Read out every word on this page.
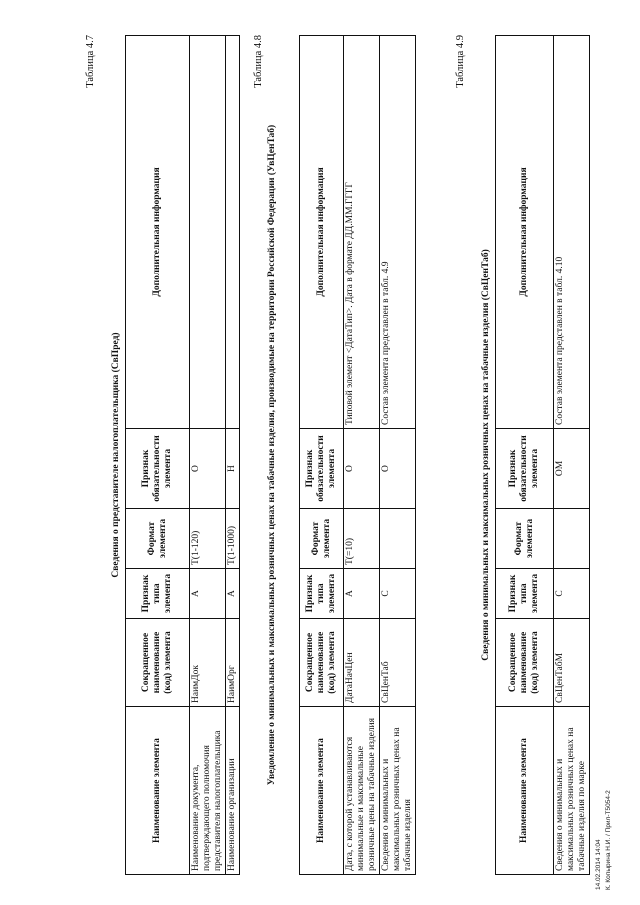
Таблица 4.7
Сведения о представителе налогоплательщика (СвПред)
Наименование элемента	Сокращенное наименование (код) элемента	Признак типа элемента	Формат элемента	Признак обязательности элемента	Дополнительная информация
Наименование документа, подтверждающего полномочия представителя налогоплательщика	НаимДок	А	Т(1-120)	О	
Наименование организации	НаимОрг	А	Т(1-1000)	Н	
Таблица 4.8
Уведомление о минимальных и максимальных розничных ценах на табачные изделия, производимые на территории Российской Федерации (УвЦенТаб)
Наименование элемента	Сокращенное наименование (код) элемента	Признак типа элемента	Формат элемента	Признак обязательности элемента	Дополнительная информация
Дата, с которой устанавливаются минимальные и максимальные розничные цены на табачные изделия	ДатаНачЦен	А	T(=10)	О	Типовой элемент <ДатаТип>. Дата в формате ДД.ММ.ГГГГ
Сведения о минимальных и максимальных розничных ценах на табачные изделия	СвЦенТаб	С		О	Состав элемента представлен в табл. 4.9
Таблица 4.9
Сведения о минимальных и максимальных розничных ценах на табачные изделия (СвЦенТаб)
Наименование элемента	Сокращенное наименование (код) элемента	Признак типа элемента	Формат элемента	Признак обязательности элемента	Дополнительная информация
Сведения о минимальных и максимальных розничных ценах на табачные изделия по марке	СвЦенТабМ	С		ОМ	Состав элемента представлен в табл. 4.10
14.02.2014 14:04 К. Копырина Н.И. / Прил-Т5054-2
